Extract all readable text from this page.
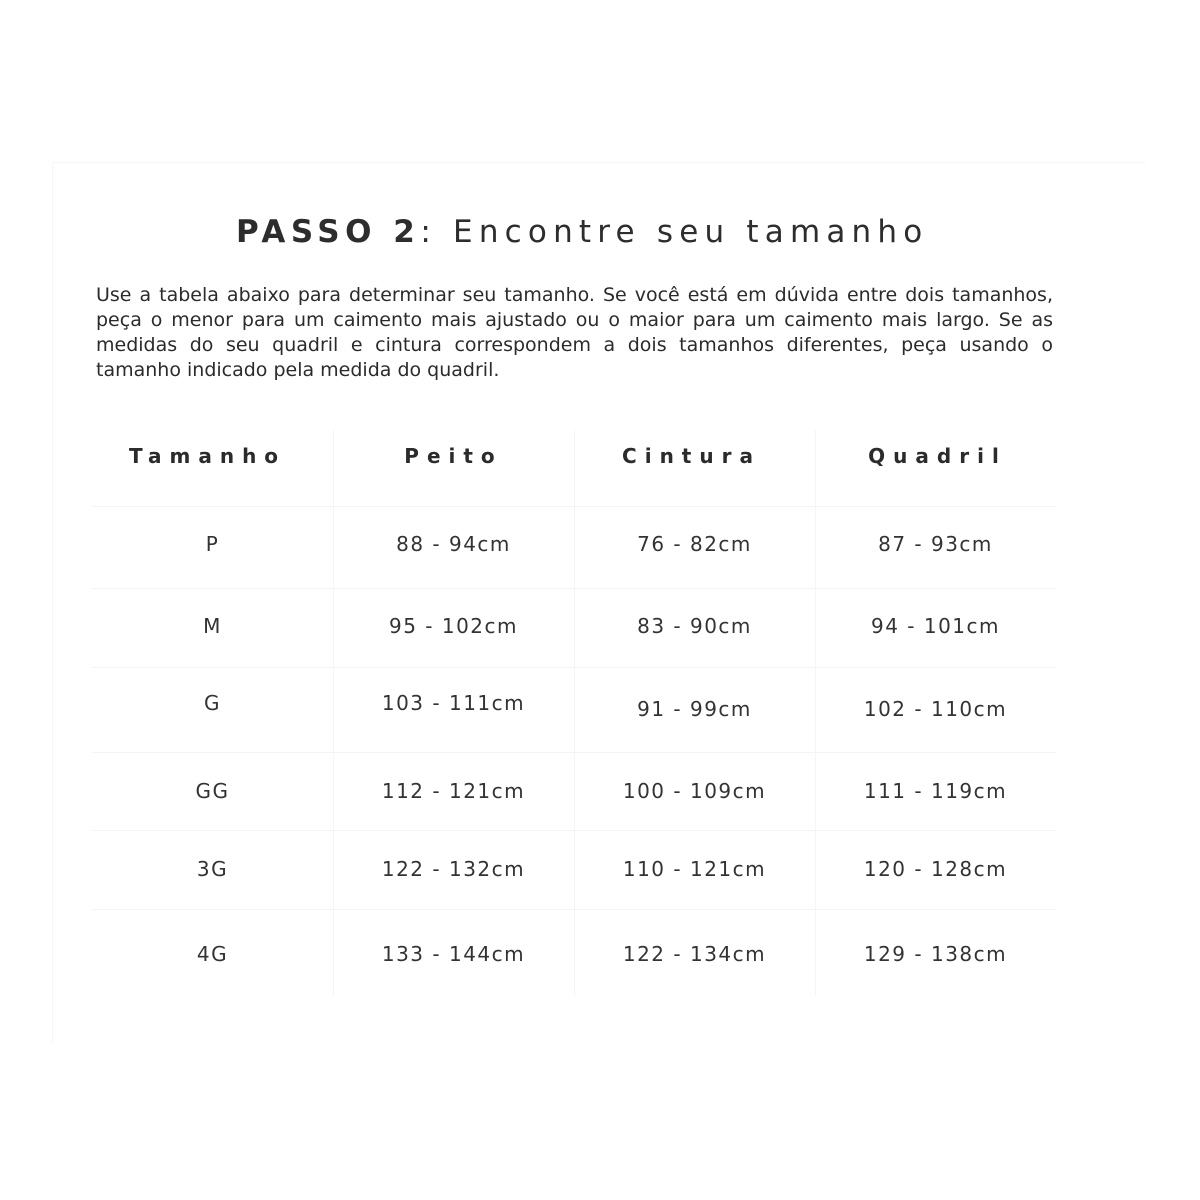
PASSO 2: Encontre seu tamanho

Use a tabela abaixo para determinar seu tamanho. Se você está em dúvida entre dois tamanhos, peça o menor para um caimento mais ajustado ou o maior para um caimento mais largo. Se as medidas do seu quadril e cintura correspondem a dois tamanhos diferentes, peça usando o tamanho indicado pela medida do quadril.

Tamanho
P
M
G
GG
3G
4G
Peito
88 - 94cm
95 - 102cm
103 - 111cm
112 - 121cm
122 - 132cm
133 - 144cm
Cintura
76 - 82cm
83 - 90cm
91 - 99cm
100 - 109cm
110 - 121cm
122 - 134cm
Quadril
87 - 93cm
94 - 101cm
102 - 110cm
111 - 119cm
120 - 128cm
129 - 138cm
